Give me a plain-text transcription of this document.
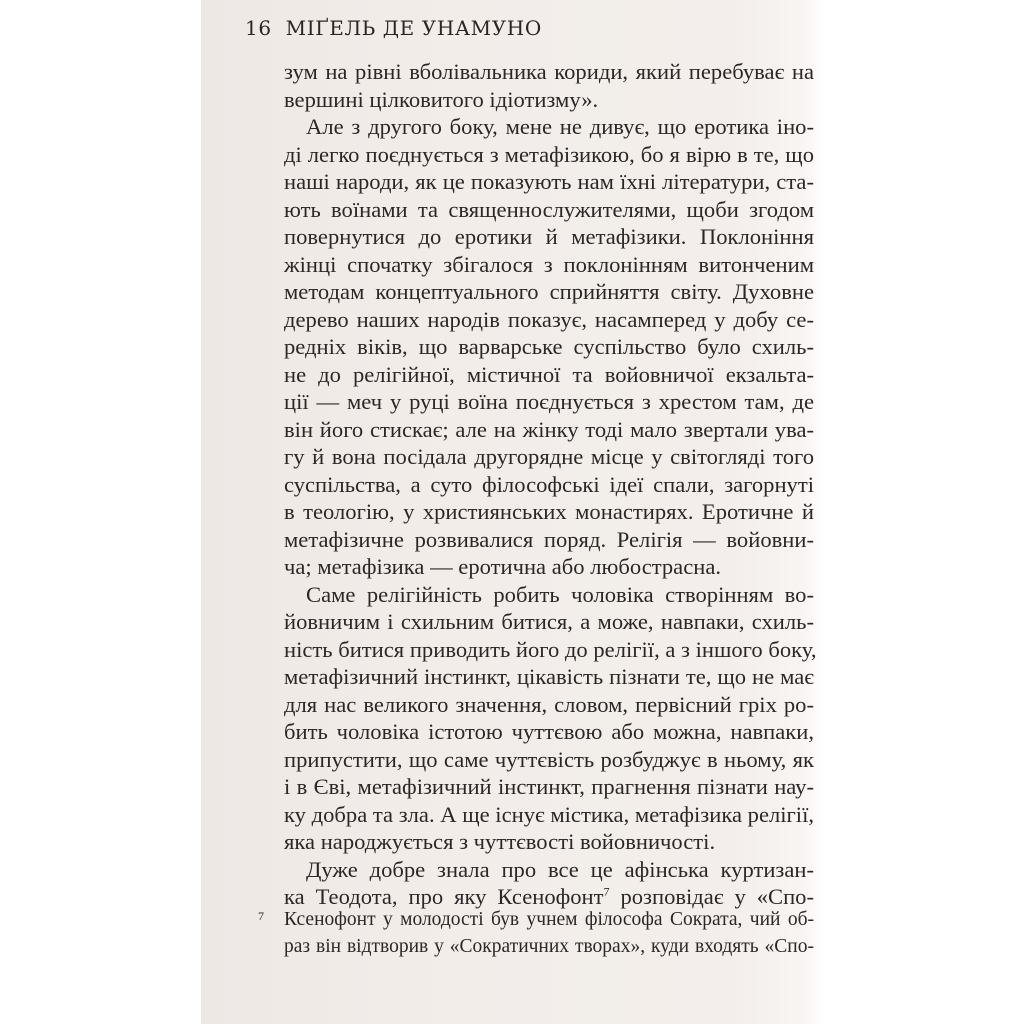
16 МІҐЕЛЬ ДЕ УНАМУНО
зум на рівні вболівальника кориди, який перебуває на
вершині цілковитого ідіотизму».
Але з другого боку, мене не дивує, що еротика іно-
ді легко поєднується з метафізикою, бо я вірю в те, що
наші народи, як це показують нам їхні літератури, ста-
ють воїнами та священнослужителями, щоби згодом
повернутися до еротики й метафізики. Поклоніння
жінці спочатку збігалося з поклонінням витонченим
методам концептуального сприйняття світу. Духовне
дерево наших народів показує, насамперед у добу се-
редніх віків, що варварське суспільство було схиль-
не до релігійної, містичної та войовничої екзальта-
ції — меч у руці воїна поєднується з хрестом там, де
він його стискає; але на жінку тоді мало звертали ува-
гу й вона посідала другорядне місце у світогляді того
суспільства, а суто філософські ідеї спали, загорнуті
в теологію, у християнських монастирях. Еротичне й
метафізичне розвивалися поряд. Релігія — войовни-
ча; метафізика — еротична або любострасна.
Саме релігійність робить чоловіка створінням во-
йовничим і схильним битися, а може, навпаки, схиль-
ність битися приводить його до релігії, а з іншого боку,
метафізичний інстинкт, цікавість пізнати те, що не має
для нас великого значення, словом, первісний гріх ро-
бить чоловіка істотою чуттєвою або можна, навпаки,
припустити, що саме чуттєвість розбуджує в ньому, як
і в Єві, метафізичний інстинкт, прагнення пізнати нау-
ку добра та зла. А ще існує містика, метафізика релігії,
яка народжується з чуттєвості войовничості.
Дуже добре знала про все це афінська куртизан-
ка Теодота, про яку Ксенофонт$^7$ розповідає у «Спо-
7 Ксенофонт у молодості був учнем філософа Сократа, чий об-
раз він відтворив у «Сократичних творах», куди входять «Спо-
